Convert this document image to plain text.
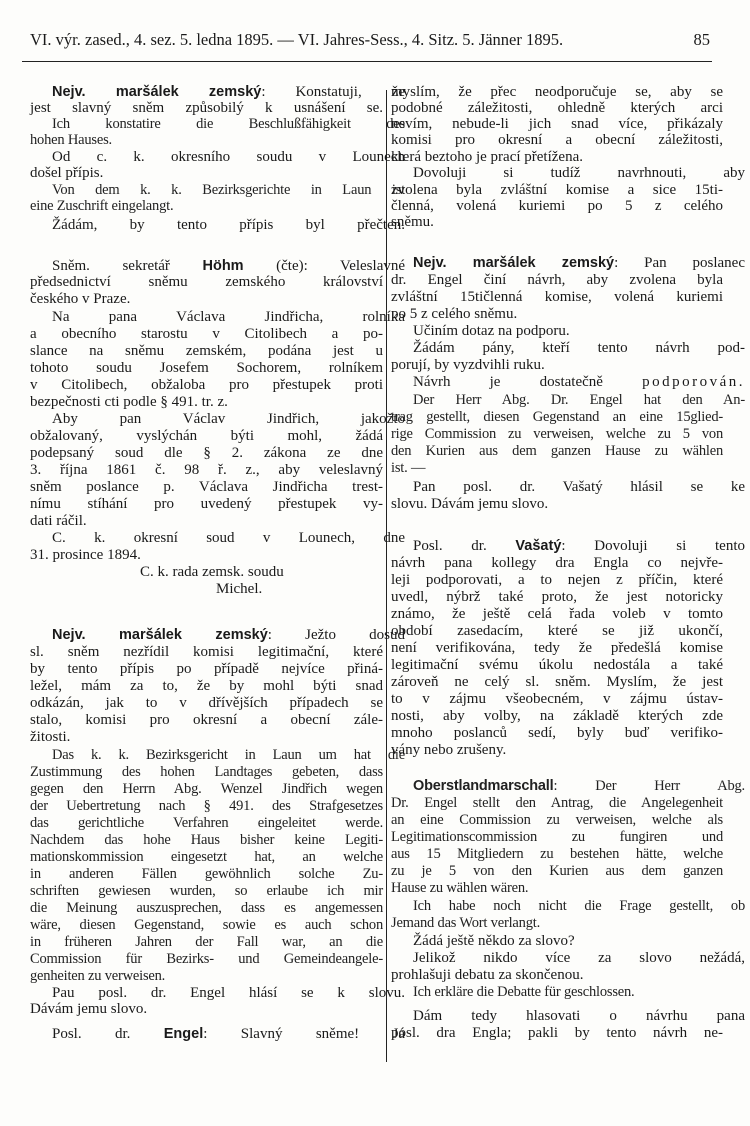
VI. výr. zased., 4. sez. 5. ledna 1895. — VI. Jahres-Sess., 4. Sitz. 5. Jänner 1895.	85
Nejv. maršálek zemský: Konstatuji, že
jest slavný sněm způsobilý k usnášení se.
Ich konstatire die Beschlußfähigkeit des
hohen Hauses.
Od c. k. okresního soudu v Lounech
došel přípis.
Von dem k. k. Bezirksgerichte in Laun ist
eine Zuschrift eingelangt.
Žádám, by tento přípis byl přečten.
Sněm. sekretář Höhm (čte): Veleslavné
předsednictví sněmu zemského království
českého v Praze.
Na pana Václava Jindřicha, rolníka
a obecního starostu v Citolibech a po-
slance na sněmu zemském, podána jest u
tohoto soudu Josefem Sochorem, rolníkem
v Citolibech, obžaloba pro přestupek proti
bezpečnosti cti podle § 491. tr. z.
Aby pan Václav Jindřich, jakožto
obžalovaný, vyslýchán býti mohl, žádá
podepsaný soud dle § 2. zákona ze dne
3. října 1861 č. 98 ř. z., aby veleslavný
sněm poslance p. Václava Jindřicha trest-
nímu stíhání pro uvedený přestupek vy-
dati ráčil.
C. k. okresní soud v Lounech, dne
31. prosince 1894.
C. k. rada zemsk. soudu
Michel.
Nejv. maršálek zemský: Ježto dosud
sl. sněm nezřídil komisi legitimační, které
by tento přípis po případě nejvíce přiná-
ležel, mám za to, že by mohl býti snad
odkázán, jak to v dřívějších případech se
stalo, komisi pro okresní a obecní zále-
žitosti.
Das k. k. Bezirksgericht in Laun um hat die
Zustimmung des hohen Landtages gebeten, dass
gegen den Herrn Abg. Wenzel Jindřich wegen
der Uebertretung nach § 491. des Strafgesetzes
das gerichtliche Verfahren eingeleitet werde.
Nachdem das hohe Haus bisher keine Legiti-
mationskommission eingesetzt hat, an welche
in anderen Fällen gewöhnlich solche Zu-
schriften gewiesen wurden, so erlaube ich mir
die Meinung auszusprechen, dass es angemessen
wäre, diesen Gegenstand, sowie es auch schon
in früheren Jahren der Fall war, an die
Commission für Bezirks- und Gemeindeangele-
genheiten zu verweisen.
Pau posl. dr. Engel hlásí se k slovu.
Dávám jemu slovo.
Posl. dr. Engel: Slavný sněme! Já
myslím, že přec neodporučuje se, aby se
podobné záležitosti, ohledně kterých arci
nevím, nebude-li jich snad více, přikázaly
komisi pro okresní a obecní záležitosti,
která beztoho je prací přetížena.
Dovoluji si tudíž navrhnouti, aby
zvolena byla zvláštní komise a sice 15ti-
členná, volená kuriemi po 5 z celého
sněmu.
Nejv. maršálek zemský: Pan poslanec
dr. Engel činí návrh, aby zvolena byla
zvláštní 15tičlenná komise, volená kuriemi
po 5 z celého sněmu.
Učiním dotaz na podporu.
Žádám pány, kteří tento návrh pod-
porují, by vyzdvihli ruku.
Návrh je dostatečně podporován.
Der Herr Abg. Dr. Engel hat den An-
trag gestellt, diesen Gegenstand an eine 15glied-
rige Commission zu verweisen, welche zu 5 von
den Kurien aus dem ganzen Hause zu wählen
ist. —
Pan posl. dr. Vašatý hlásil se ke
slovu. Dávám jemu slovo.
Posl. dr. Vašatý: Dovoluji si tento
návrh pana kollegy dra Engla co nejvře-
leji podporovati, a to nejen z příčin, které
uvedl, nýbrž také proto, že jest notoricky
známo, že ještě celá řada voleb v tomto
období zasedacím, které se již ukončí,
není verifikována, tedy že předešlá komise
legitimační svému úkolu nedostála a také
zároveň ne celý sl. sněm. Myslím, že jest
to v zájmu všeobecném, v zájmu ústav-
nosti, aby volby, na základě kterých zde
mnoho poslanců sedí, byly buď verifiko-
vány nebo zrušeny.
Oberstlandmarschall: Der Herr Abg.
Dr. Engel stellt den Antrag, die Angelegenheit
an eine Commission zu verweisen, welche als
Legitimationscommission zu fungiren und
aus 15 Mitgliedern zu bestehen hätte, welche
zu je 5 von den Kurien aus dem ganzen
Hause zu wählen wären.
Ich habe noch nicht die Frage gestellt, ob
Jemand das Wort verlangt.
Žádá ještě někdo za slovo?
Jelikož nikdo více za slovo nežádá,
prohlašuji debatu za skončenou.
Ich erkläre die Debatte für geschlossen.
Dám tedy hlasovati o návrhu pana
posl. dra Engla; pakli by tento návrh ne-
